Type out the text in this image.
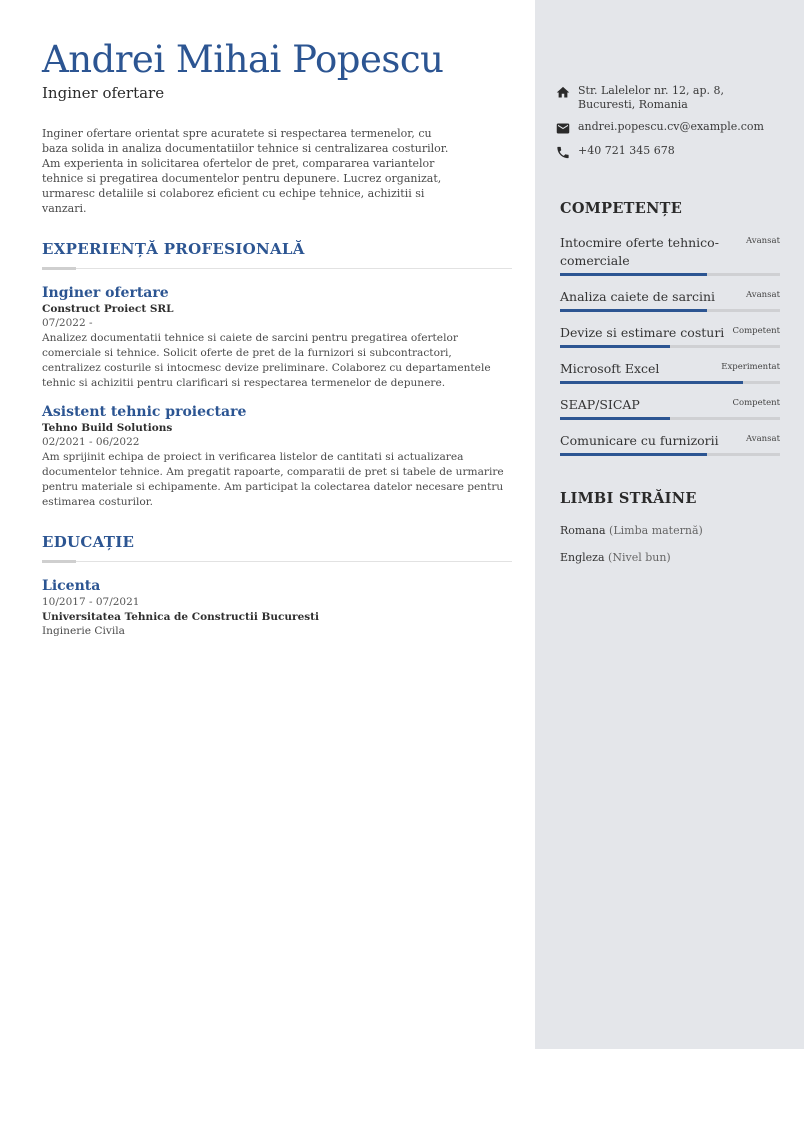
Andrei Mihai Popescu
Inginer ofertare

Inginer ofertare orientat spre acuratete si respectarea termenelor, cu baza solida in analiza documentatiilor tehnice si centralizarea costurilor. Am experienta in solicitarea ofertelor de pret, compararea variantelor tehnice si pregatirea documentelor pentru depunere. Lucrez organizat, urmaresc detaliile si colaborez eficient cu echipe tehnice, achizitii si vanzari.

EXPERIENȚĂ PROFESIONALĂ
Inginer ofertare
Construct Proiect SRL
07/2022 -
Analizez documentatii tehnice si caiete de sarcini pentru pregatirea ofertelor comerciale si tehnice. Solicit oferte de pret de la furnizori si subcontractori, centralizez costurile si intocmesc devize preliminare. Colaborez cu departamentele tehnic si achizitii pentru clarificari si respectarea termenelor de depunere.
Asistent tehnic proiectare
Tehno Build Solutions
02/2021 - 06/2022
Am sprijinit echipa de proiect in verificarea listelor de cantitati si actualizarea documentelor tehnice. Am pregatit rapoarte, comparatii de pret si tabele de urmarire pentru materiale si echipamente. Am participat la colectarea datelor necesare pentru estimarea costurilor.
EDUCAȚIE
Licenta
10/2017 - 07/2021
Universitatea Tehnica de Constructii Bucuresti
Inginerie Civila
Str. Lalelelor nr. 12, ap. 8, Bucuresti, Romania
andrei.popescu.cv@example.com
+40 721 345 678
COMPETENȚE
Intocmire oferte tehnico-comerciale
Avansat
Analiza caiete de sarcini	Avansat
Devize si estimare costuri Competent
Microsoft Excel	Experimentat
SEAP/SICAP	Competent
Comunicare cu furnizorii	Avansat
LIMBI STRĂINE
Romana (Limba maternă)
Engleza (Nivel bun)
